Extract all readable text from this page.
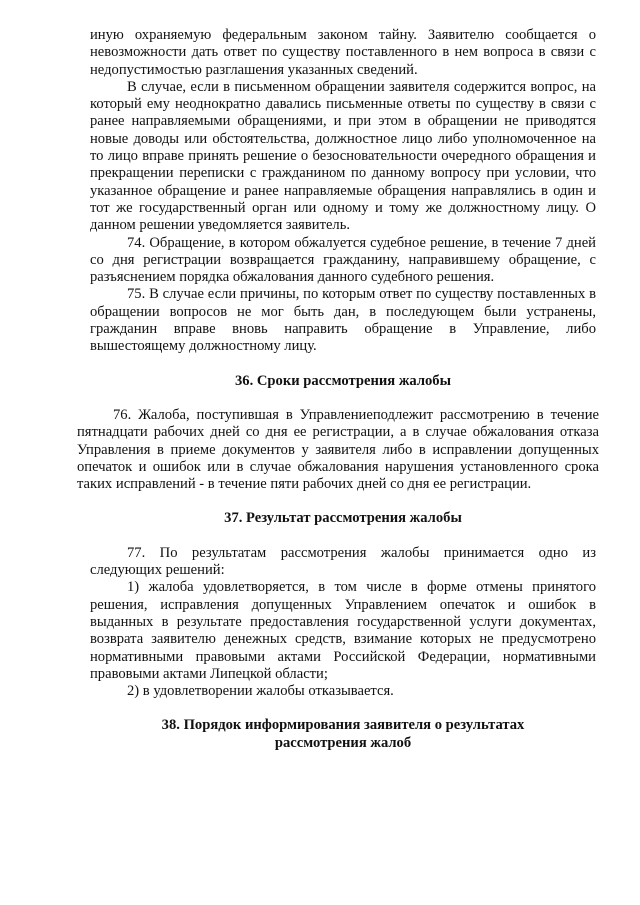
иную охраняемую федеральным законом тайну. Заявителю сообщается о невозможности дать ответ по существу поставленного в нем вопроса в связи с недопустимостью разглашения указанных сведений.

В случае, если в письменном обращении заявителя содержится вопрос, на который ему неоднократно давались письменные ответы по существу в связи с ранее направляемыми обращениями, и при этом в обращении не приводятся новые доводы или обстоятельства, должностное лицо либо уполномоченное на то лицо вправе принять решение о безосновательности очередного обращения и прекращении переписки с гражданином по данному вопросу при условии, что указанное обращение и ранее направляемые обращения направлялись в один и тот же государственный орган или одному и тому же должностному лицу. О данном решении уведомляется заявитель.

74. Обращение, в котором обжалуется судебное решение, в течение 7 дней со дня регистрации возвращается гражданину, направившему обращение, с разъяснением порядка обжалования данного судебного решения.

75. В случае если причины, по которым ответ по существу поставленных в обращении вопросов не мог быть дан, в последующем были устранены, гражданин вправе вновь направить обращение в Управление, либо вышестоящему должностному лицу.

36. Сроки рассмотрения жалобы

76. Жалоба, поступившая в Управлениеподлежит рассмотрению в течение пятнадцати рабочих дней со дня ее регистрации, а в случае обжалования отказа Управления в приеме документов у заявителя либо в исправлении допущенных опечаток и ошибок или в случае обжалования нарушения установленного срока таких исправлений - в течение пяти рабочих дней со дня ее регистрации.

37. Результат рассмотрения жалобы

77. По результатам рассмотрения жалобы принимается одно из следующих решений:

1) жалоба удовлетворяется, в том числе в форме отмены принятого решения, исправления допущенных Управлением опечаток и ошибок в выданных в результате предоставления государственной услуги документах, возврата заявителю денежных средств, взимание которых не предусмотрено нормативными правовыми актами Российской Федерации, нормативными правовыми актами Липецкой области;

2) в удовлетворении жалобы отказывается.

38. Порядок информирования заявителя о результатах
рассмотрения жалоб
